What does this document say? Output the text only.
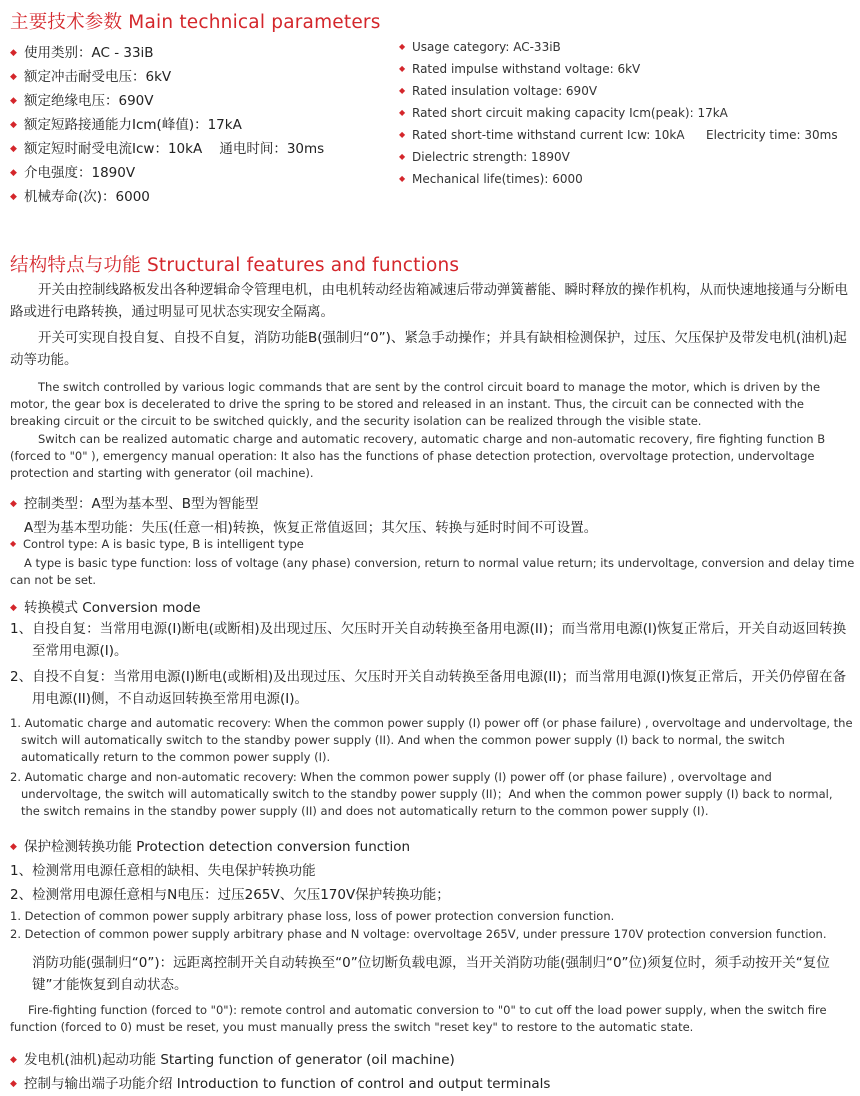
主要技术参数 Main technical parameters
◆ 使用类别：AC - 33iB
◆ 额定冲击耐受电压：6kV
◆ 额定绝缘电压：690V
◆ 额定短路接通能力Icm(峰值)：17kA
◆ 额定短时耐受电流Icw：10kA    通电时间：30ms
◆ 介电强度：1890V
◆ 机械寿命(次)：6000
◆ Usage category: AC-33iB
◆ Rated impulse withstand voltage: 6kV
◆ Rated insulation voltage: 690V
◆ Rated short circuit making capacity Icm(peak): 17kA
◆ Rated short-time withstand current Icw: 10kA Electricity time: 30ms
◆ Dielectric strength: 1890V
◆ Mechanical life(times): 6000
结构特点与功能 Structural features and functions
开关由控制线路板发出各种逻辑命令管理电机，由电机转动经齿箱减速后带动弹簧蓄能、瞬时释放的操作机构，从而快速地接通与分断电路或进行电路转换，通过明显可见状态实现安全隔离。
开关可实现自投自复、自投不自复，消防功能B(强制归“0”)、紧急手动操作；并具有缺相检测保护，过压、欠压保护及带发电机(油机)起动等功能。
The switch controlled by various logic commands that are sent by the control circuit board to manage the motor, which is driven by the motor, the gear box is decelerated to drive the spring to be stored and released in an instant. Thus, the circuit can be connected with the breaking circuit or the circuit to be switched quickly, and the security isolation can be realized through the visible state.
Switch can be realized automatic charge and automatic recovery, automatic charge and non-automatic recovery, fire fighting function B (forced to "0" ), emergency manual operation: It also has the functions of phase detection protection, overvoltage protection, undervoltage protection and starting with generator (oil machine).
◆ 控制类型：A型为基本型、B型为智能型
A型为基本型功能：失压(任意一相)转换，恢复正常值返回；其欠压、转换与延时时间不可设置。
◆ Control type: A is basic type, B is intelligent type
A type is basic type function: loss of voltage (any phase) conversion, return to normal value return; its undervoltage, conversion and delay time can not be set.
◆ 转换模式 Conversion mode
1、自投自复：当常用电源(I)断电(或断相)及出现过压、欠压时开关自动转换至备用电源(II)；而当常用电源(I)恢复正常后，开关自动返回转换至常用电源(I)。
2、自投不自复：当常用电源(I)断电(或断相)及出现过压、欠压时开关自动转换至备用电源(II)；而当常用电源(I)恢复正常后，开关仍停留在备用电源(II)侧，不自动返回转换至常用电源(I)。
1. Automatic charge and automatic recovery: When the common power supply (I) power off (or phase failure) , overvoltage and undervoltage, the switch will automatically switch to the standby power supply (II). And when the common power supply (I) back to normal, the switch automatically return to the common power supply (I).
2. Automatic charge and non-automatic recovery: When the common power supply (I) power off (or phase failure) , overvoltage and undervoltage, the switch will automatically switch to the standby power supply (II)；And when the common power supply (I) back to normal, the switch remains in the standby power supply (II) and does not automatically return to the common power supply (I).
◆ 保护检测转换功能 Protection detection conversion function
1、检测常用电源任意相的缺相、失电保护转换功能
2、检测常用电源任意相与N电压：过压265V、欠压170V保护转换功能；
1. Detection of common power supply arbitrary phase loss, loss of power protection conversion function.
2. Detection of common power supply arbitrary phase and N voltage: overvoltage 265V, under pressure 170V protection conversion function.
消防功能(强制归“0”)：远距离控制开关自动转换至“0”位切断负载电源，当开关消防功能(强制归“0”位)须复位时，须手动按开关“复位键”才能恢复到自动状态。
Fire-fighting function (forced to "0"): remote control and automatic conversion to "0" to cut off the load power supply, when the switch fire function (forced to 0) must be reset, you must manually press the switch "reset key" to restore to the automatic state.
◆ 发电机(油机)起动功能 Starting function of generator (oil machine)
◆ 控制与输出端子功能介绍 Introduction to function of control and output terminals
